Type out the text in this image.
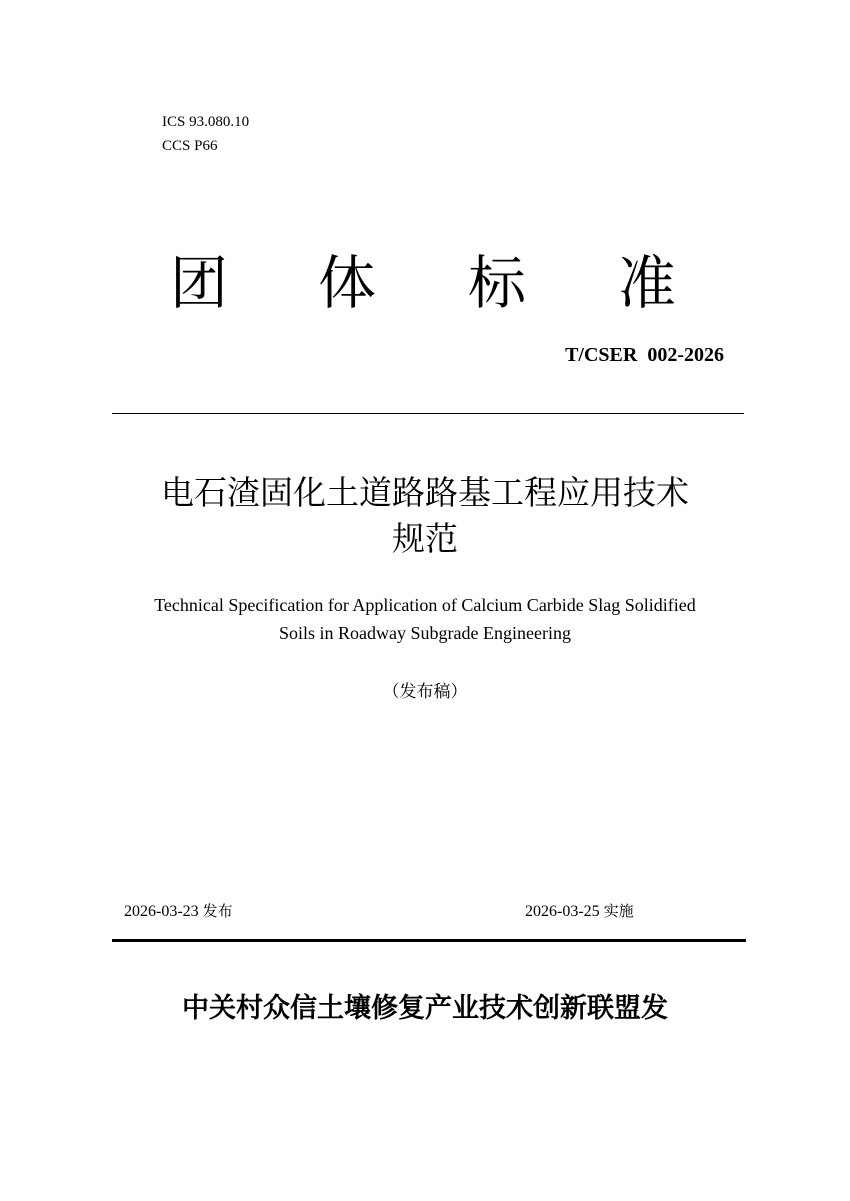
ICS 93.080.10
CCS P66
团 体 标 准
T/CSER  002-2026
电石渣固化土道路路基工程应用技术
规范
Technical Specification for Application of Calcium Carbide Slag Solidified
Soils in Roadway Subgrade Engineering
（发布稿）
2026-03-23 发布	2026-03-25 实施
中关村众信土壤修复产业技术创新联盟发
